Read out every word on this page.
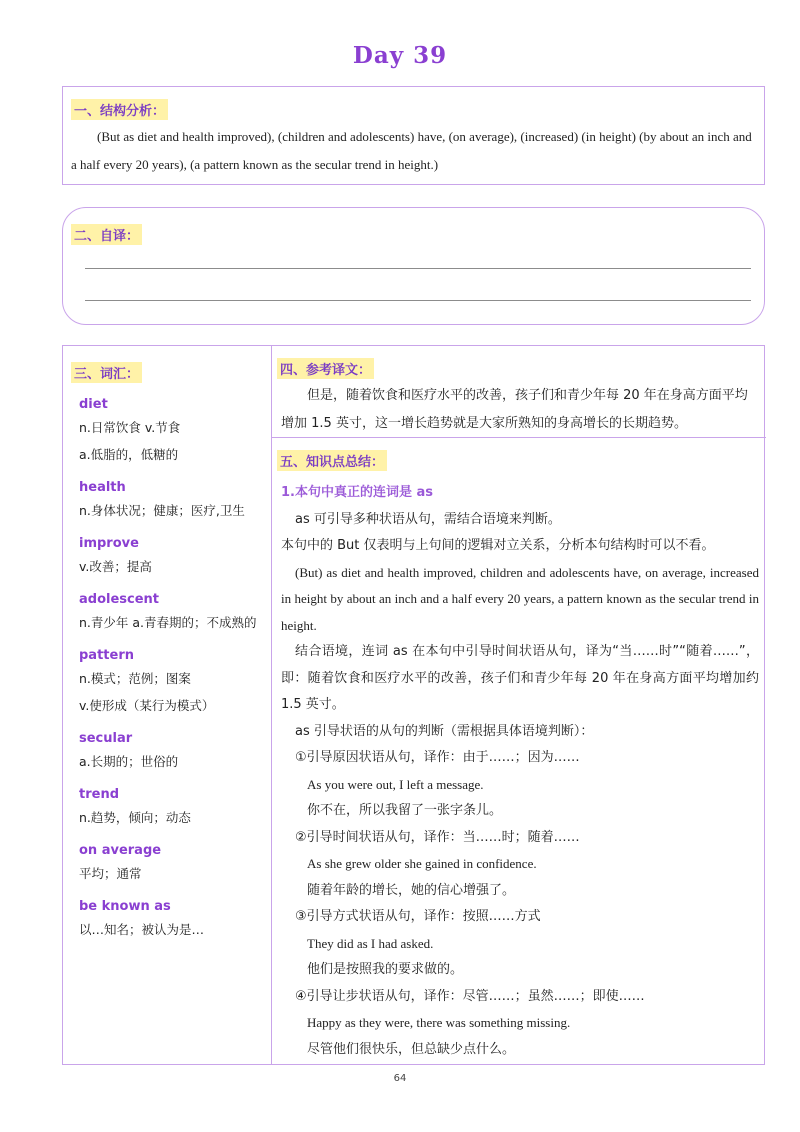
Day 39
一、结构分析：
(But as diet and health improved), (children and adolescents) have, (on average), (increased) (in height) (by about an inch and a half every 20 years), (a pattern known as the secular trend in height.)
二、自译：
三、词汇：
diet
n.日常饮食 v.节食
a.低脂的，低糖的
health
n.身体状况；健康；医疗,卫生
improve
v.改善；提高
adolescent
n.青少年 a.青春期的；不成熟的
pattern
n.模式；范例；图案
v.使形成（某行为模式）
secular
a.长期的；世俗的
trend
n.趋势，倾向；动态
on average
平均；通常
be known as
以…知名；被认为是…
四、参考译文：
但是，随着饮食和医疗水平的改善，孩子们和青少年每 20 年在身高方面平均增加 1.5 英寸，这一增长趋势就是大家所熟知的身高增长的长期趋势。
五、知识点总结：
1.本句中真正的连词是 as
as 可引导多种状语从句，需结合语境来判断。
本句中的 But 仅表明与上句间的逻辑对立关系，分析本句结构时可以不看。
(But) as diet and health improved, children and adolescents have, on average, increased in height by about an inch and a half every 20 years, a pattern known as the secular trend in height.
结合语境，连词 as 在本句中引导时间状语从句，译为“当……时”“随着……”，即：随着饮食和医疗水平的改善，孩子们和青少年每 20 年在身高方面平均增加约 1.5 英寸。
as 引导状语的从句的判断（需根据具体语境判断）：
①引导原因状语从句，译作：由于……；因为……
As you were out, I left a message.
你不在，所以我留了一张字条儿。
②引导时间状语从句，译作：当……时；随着……
As she grew older she gained in confidence.
随着年龄的增长，她的信心增强了。
③引导方式状语从句，译作：按照……方式
They did as I had asked.
他们是按照我的要求做的。
④引导让步状语从句，译作：尽管……；虽然……；即使……
Happy as they were, there was something missing.
尽管他们很快乐，但总缺少点什么。
64
